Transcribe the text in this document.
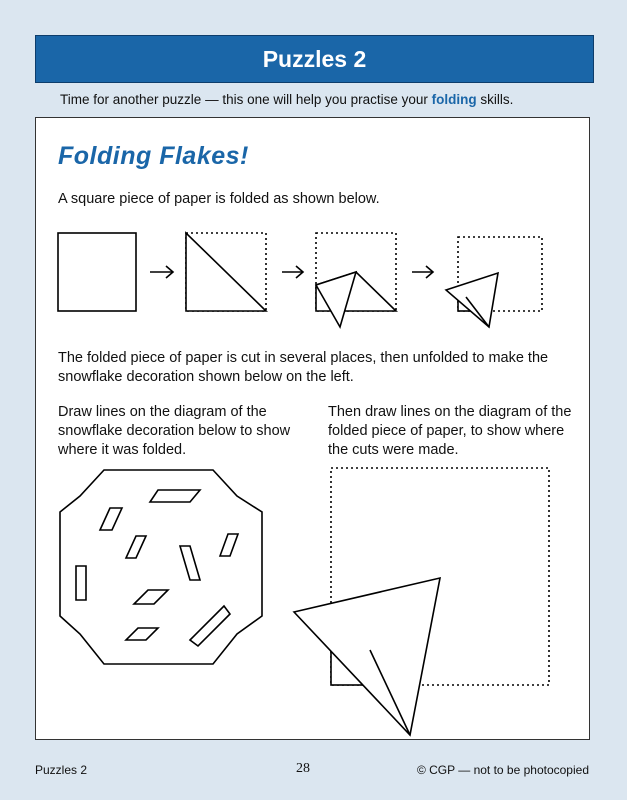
Puzzles 2
Time for another puzzle — this one will help you practise your folding skills.
Folding Flakes!
A square piece of paper is folded as shown below.
The folded piece of paper is cut in several places, then unfolded to make the snowflake decoration shown below on the left.
Draw lines on the diagram of the snowflake decoration below to show where it was folded.
Then draw lines on the diagram of the folded piece of paper, to show where the cuts were made.
Puzzles 2	28	© CGP — not to be photocopied
